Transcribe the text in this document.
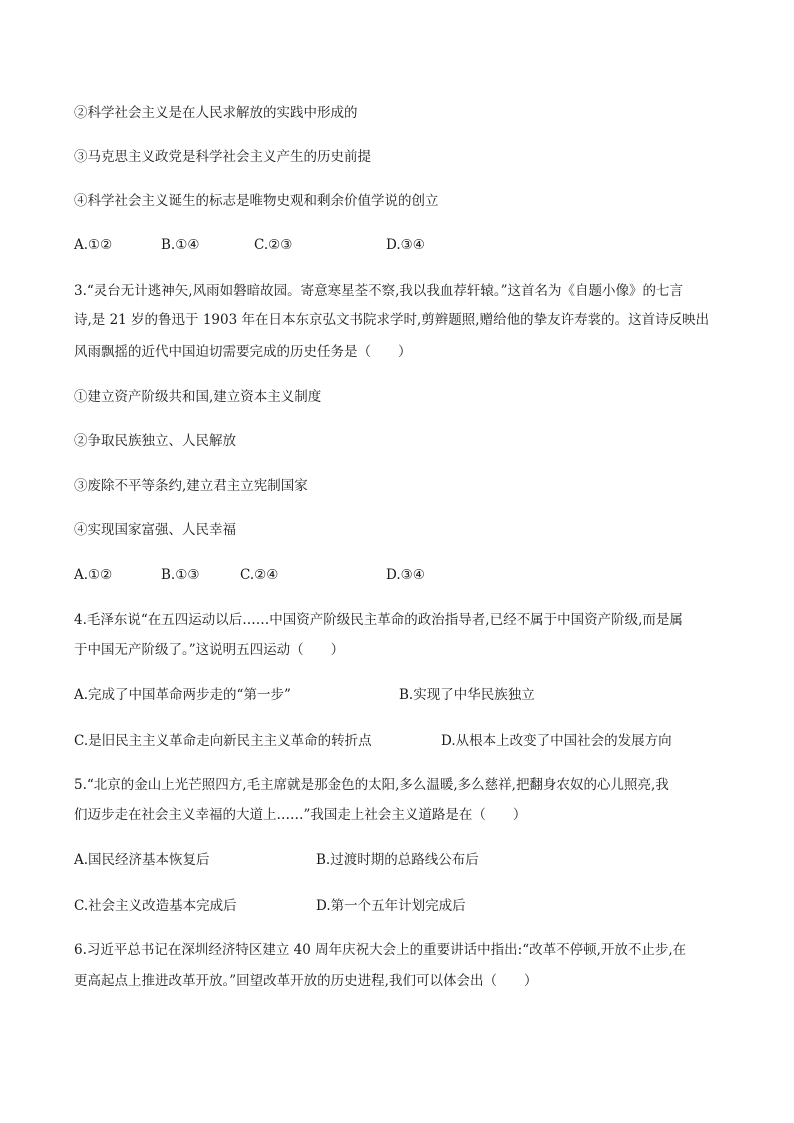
②科学社会主义是在人民求解放的实践中形成的
③马克思主义政党是科学社会主义产生的历史前提
④科学社会主义诞生的标志是唯物史观和剩余价值学说的创立
A.①②	B.①④	C.②③	D.③④
3.“灵台无计逃神矢,风雨如磐暗故园。寄意寒星荃不察,我以我血荐轩辕。”这首名为《自题小像》的七言
诗,是 21 岁的鲁迅于 1903 年在日本东京弘文书院求学时,剪辫题照,赠给他的挚友许寿裳的。这首诗反映出
风雨飘摇的近代中国迫切需要完成的历史任务是（　　）
①建立资产阶级共和国,建立资本主义制度
②争取民族独立、人民解放
③废除不平等条约,建立君主立宪制国家
④实现国家富强、人民幸福
A.①②	B.①③	C.②④	D.③④
4.毛泽东说“在五四运动以后……中国资产阶级民主革命的政治指导者,已经不属于中国资产阶级,而是属
于中国无产阶级了。”这说明五四运动（　　）
A.完成了中国革命两步走的“第一步”	B.实现了中华民族独立
C.是旧民主主义革命走向新民主主义革命的转折点	D.从根本上改变了中国社会的发展方向
5.“北京的金山上光芒照四方,毛主席就是那金色的太阳,多么温暖,多么慈祥,把翻身农奴的心儿照亮,我
们迈步走在社会主义幸福的大道上……”我国走上社会主义道路是在（　　）
A.国民经济基本恢复后	B.过渡时期的总路线公布后
C.社会主义改造基本完成后	D.第一个五年计划完成后
6.习近平总书记在深圳经济特区建立 40 周年庆祝大会上的重要讲话中指出:“改革不停顿,开放不止步,在
更高起点上推进改革开放。”回望改革开放的历史进程,我们可以体会出（　　）
